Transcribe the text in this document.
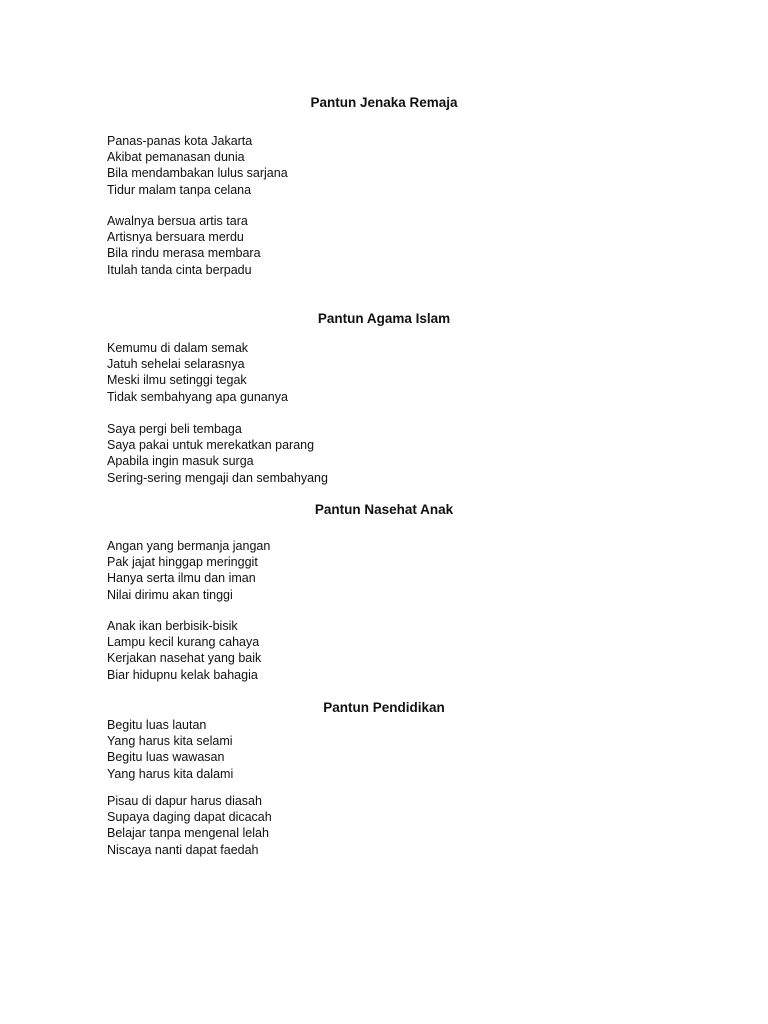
Pantun Jenaka Remaja
Panas-panas kota Jakarta
Akibat pemanasan dunia
Bila mendambakan lulus sarjana
Tidur malam tanpa celana
Awalnya bersua artis tara
Artisnya bersuara merdu
Bila rindu merasa membara
Itulah tanda cinta berpadu
Pantun Agama Islam
Kemumu di dalam semak
Jatuh sehelai selarasnya
Meski ilmu setinggi tegak
Tidak sembahyang apa gunanya
Saya pergi beli tembaga
Saya pakai untuk merekatkan parang
Apabila ingin masuk surga
Sering-sering mengaji dan sembahyang
Pantun Nasehat Anak
Angan yang bermanja jangan
Pak jajat hinggap meringgit
Hanya serta ilmu dan iman
Nilai dirimu akan tinggi
Anak ikan berbisik-bisik
Lampu kecil kurang cahaya
Kerjakan nasehat yang baik
Biar hidupnu kelak bahagia
Pantun Pendidikan
Begitu luas lautan
Yang harus kita selami
Begitu luas wawasan
Yang harus kita dalami
Pisau di dapur harus diasah
Supaya daging dapat dicacah
Belajar tanpa mengenal lelah
Niscaya nanti dapat faedah
